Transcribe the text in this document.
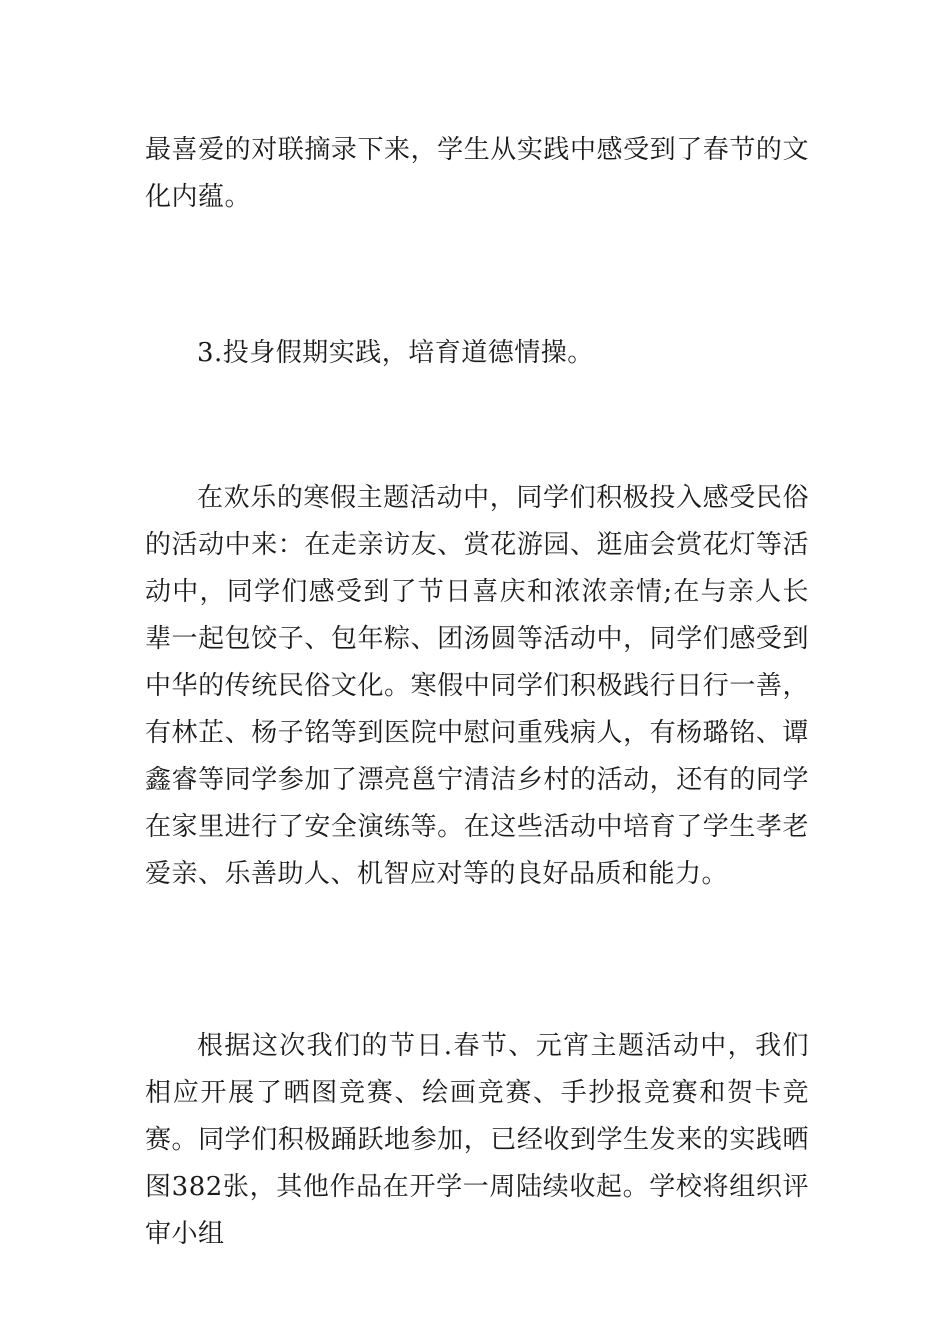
最喜爱的对联摘录下来，学生从实践中感受到了春节的文化内蕴。

3.投身假期实践，培育道德情操。

在欢乐的寒假主题活动中，同学们积极投入感受民俗的活动中来：在走亲访友、赏花游园、逛庙会赏花灯等活动中，同学们感受到了节日喜庆和浓浓亲情;在与亲人长辈一起包饺子、包年粽、团汤圆等活动中，同学们感受到中华的传统民俗文化。寒假中同学们积极践行日行一善，有林芷、杨子铭等到医院中慰问重残病人，有杨璐铭、谭鑫睿等同学参加了漂亮邕宁清洁乡村的活动，还有的同学在家里进行了安全演练等。在这些活动中培育了学生孝老爱亲、乐善助人、机智应对等的良好品质和能力。

根据这次我们的节日.春节、元宵主题活动中，我们相应开展了晒图竞赛、绘画竞赛、手抄报竞赛和贺卡竞赛。同学们积极踊跃地参加，已经收到学生发来的实践晒图382张，其他作品在开学一周陆续收起。学校将组织评审小组
